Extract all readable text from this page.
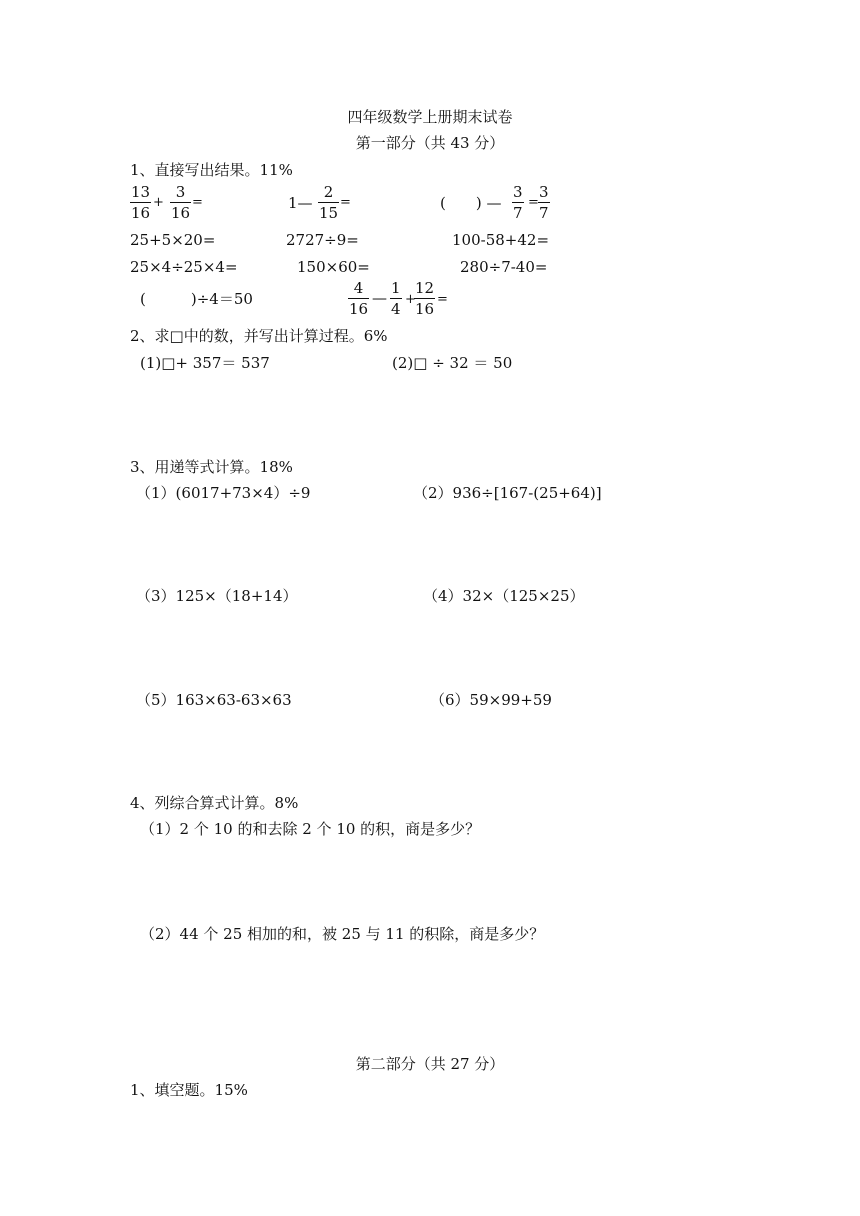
四年级数学上册期末试卷
第一部分（共 43 分）
1、直接写出结果。11%
$\frac{13}{16} + \frac{3}{16}$ =	1— $\frac{2}{15}$ =	(　　) — $\frac{3}{7} = \frac{3}{7}$
25+5×20=	2727÷9=	100-58+42=
25×4÷25×4=	150×60=	280÷7-40=
(　　　)÷4＝50	$\frac{4}{16}$ — $\frac{1}{4}$ +
$\frac{12}{16}$ =
2、求□中的数，并写出计算过程。6%
(1)□+ 357＝ 537	(2)□ ÷ 32 ＝ 50
3、用递等式计算。18%
（1）(6017+73×4）÷9	（2）936÷[167-(25+64)]
（3）125×（18+14）	（4）32×（125×25）
（5）163×63-63×63	（6）59×99+59
4、列综合算式计算。8%
（1）2 个 10 的和去除 2 个 10 的积，商是多少？
（2）44 个 25 相加的和，被 25 与 11 的积除，商是多少？
第二部分（共 27 分）
1、填空题。15%
